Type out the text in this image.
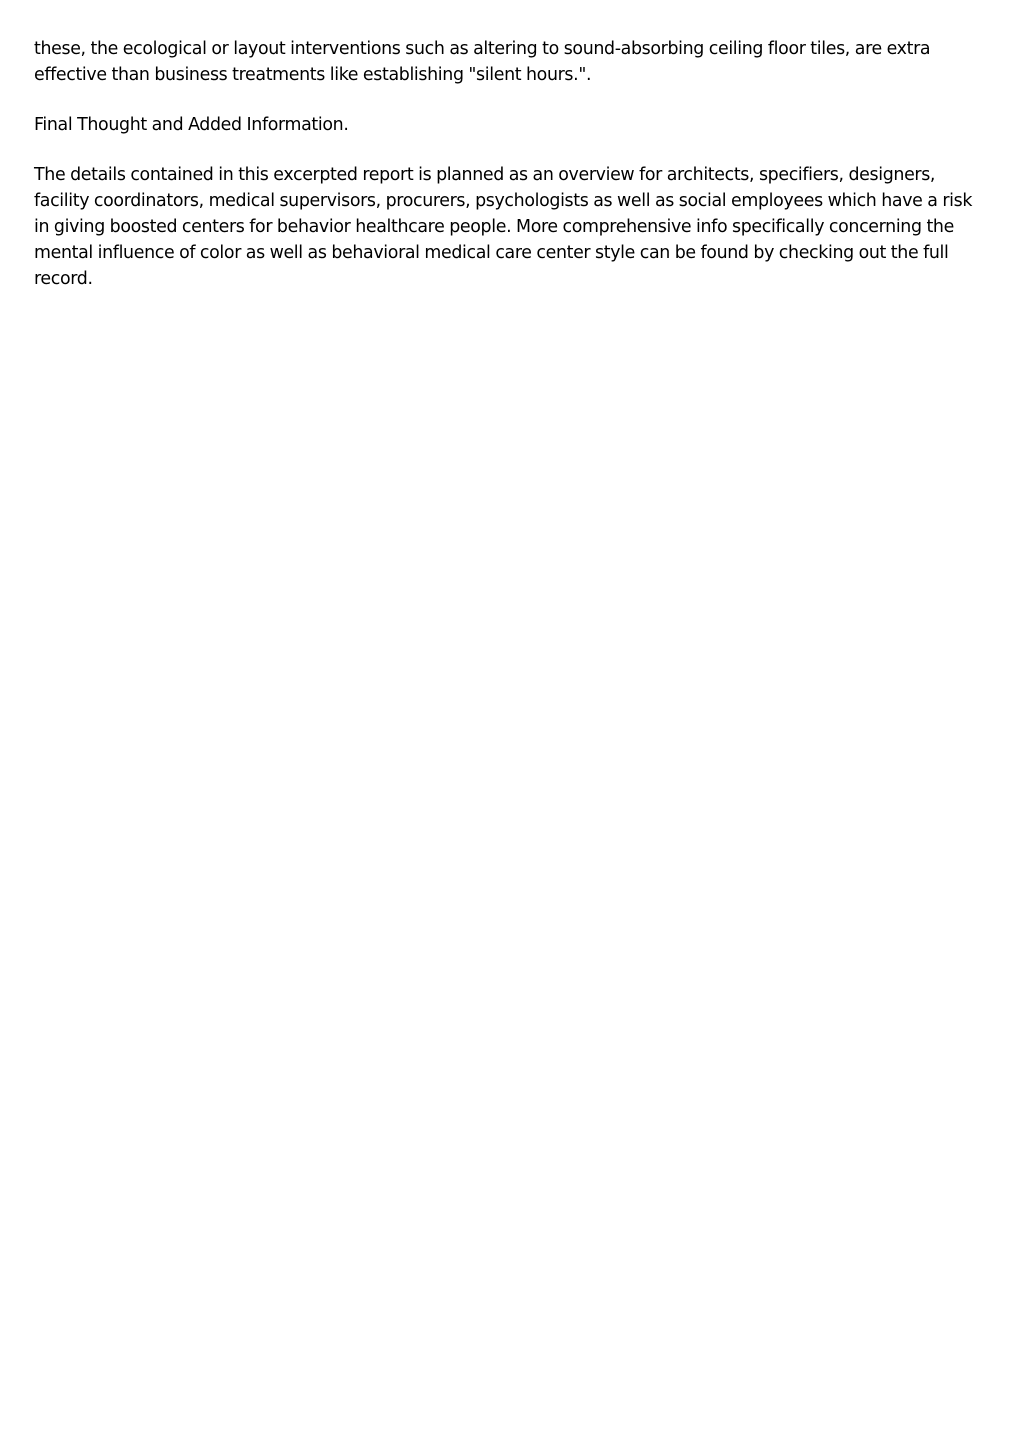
these, the ecological or layout interventions such as altering to sound-absorbing ceiling floor tiles, are extra effective than business treatments like establishing "silent hours.".

Final Thought and Added Information.

The details contained in this excerpted report is planned as an overview for architects, specifiers, designers, facility coordinators, medical supervisors, procurers, psychologists as well as social employees which have a risk in giving boosted centers for behavior healthcare people. More comprehensive info specifically concerning the mental influence of color as well as behavioral medical care center style can be found by checking out the full record.
